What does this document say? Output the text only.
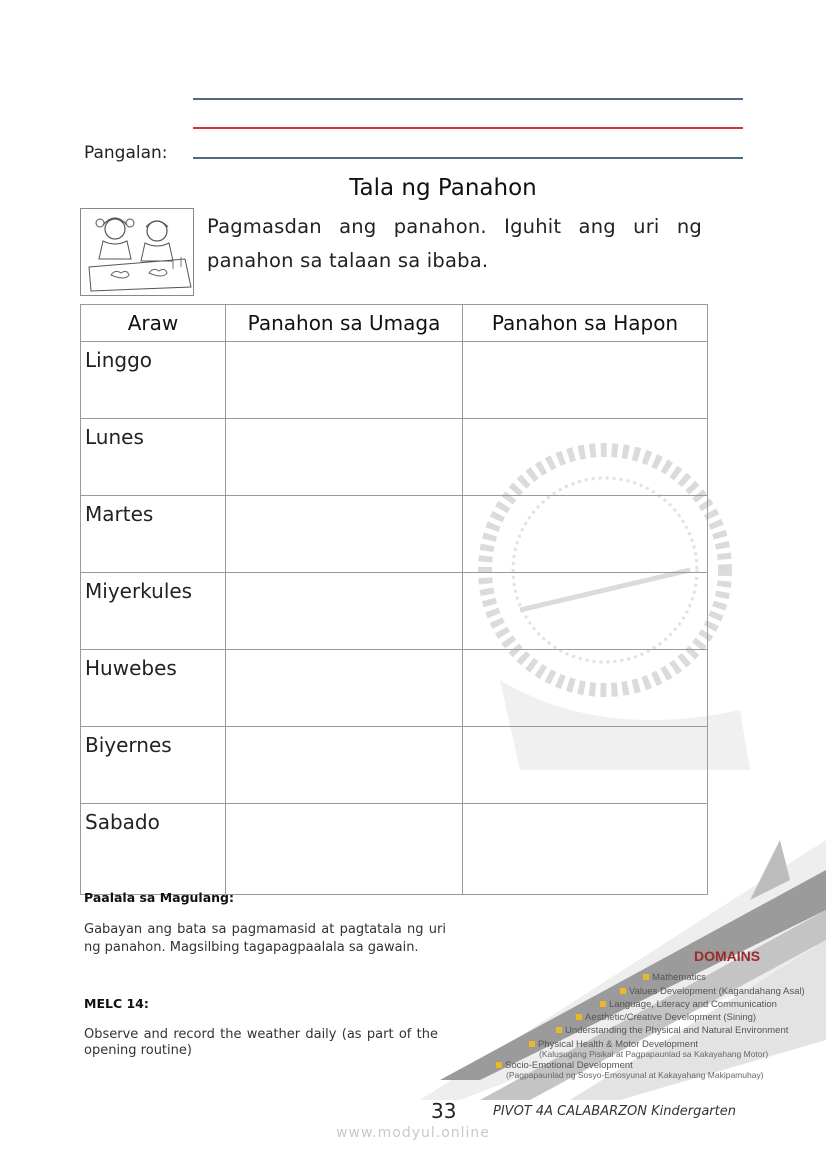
Pangalan:
Tala ng Panahon
Pagmasdan ang panahon. Iguhit ang uri ng panahon sa talaan sa ibaba.
Araw	Panahon sa Umaga	Panahon sa Hapon
Linggo		
Lunes		
Martes		
Miyerkules		
Huwebes		
Biyernes		
Sabado		
Paalala sa Magulang:
Gabayan ang bata sa pagmamasid at pagtatala ng uri ng panahon. Magsilbing tagapagpaalala sa gawain.
MELC 14:
Observe and record the weather daily (as part of the opening routine)
DOMAINS
Mathematics
Values Development (Kagandahang Asal)
Language, Literacy and Communication
Aesthetic/Creative Development (Sining)
Understanding the Physical and Natural Environment
Physical Health & Motor Development
(Kalusugang Pisikal at Pagpapaunlad sa Kakayahang Motor)
Socio-Emotional Development
(Pagpapaunlad ng Sosyo-Emosyunal at Kakayahang Makipamuhay)
33	PIVOT 4A CALABARZON Kindergarten
www.modyul.online
